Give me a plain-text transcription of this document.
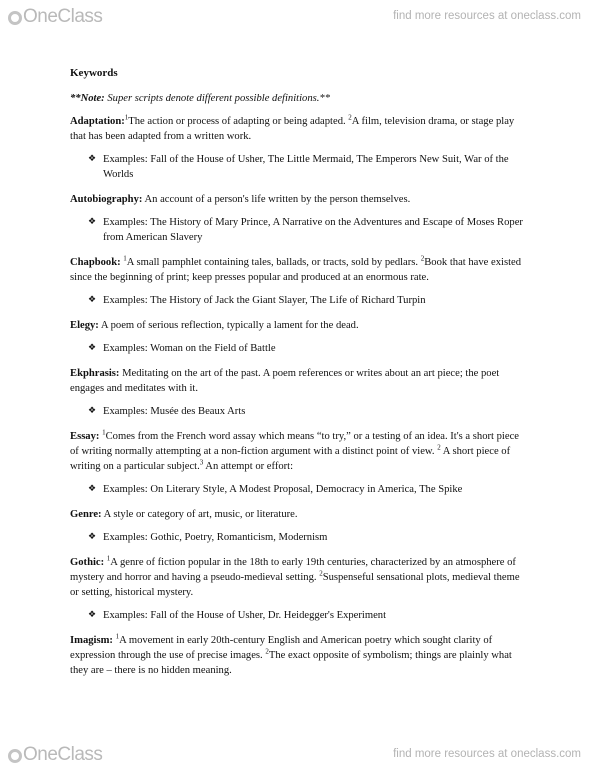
OneClass	find more resources at oneclass.com
Keywords
**Note: Super scripts denote different possible definitions.**
Adaptation:$^1$The action or process of adapting or being adapted. $^2$A film, television drama, or stage play that has been adapted from a written work.
❖ Examples: Fall of the House of Usher, The Little Mermaid, The Emperors New Suit, War of the Worlds
Autobiography: An account of a person's life written by the person themselves.
❖ Examples: The History of Mary Prince, A Narrative on the Adventures and Escape of Moses Roper from American Slavery
Chapbook: $^1$A small pamphlet containing tales, ballads, or tracts, sold by pedlars. $^2$Book that have existed since the beginning of print; keep presses popular and produced at an enormous rate.
❖ Examples: The History of Jack the Giant Slayer, The Life of Richard Turpin
Elegy: A poem of serious reflection, typically a lament for the dead.
❖ Examples: Woman on the Field of Battle
Ekphrasis: Meditating on the art of the past. A poem references or writes about an art piece; the poet engages and meditates with it.
❖ Examples: Musée des Beaux Arts
Essay: $^1$Comes from the French word assay which means “to try,” or a testing of an idea. It's a short piece of writing normally attempting at a non-fiction argument with a distinct point of view. $^2$ A short piece of writing on a particular subject.$^3$ An attempt or effort:
❖ Examples: On Literary Style, A Modest Proposal, Democracy in America, The Spike
Genre: A style or category of art, music, or literature.
❖ Examples: Gothic, Poetry, Romanticism, Modernism
Gothic: $^1$A genre of fiction popular in the 18th to early 19th centuries, characterized by an atmosphere of mystery and horror and having a pseudo-medieval setting. $^2$Suspenseful sensational plots, medieval theme or setting, historical mystery.
❖ Examples: Fall of the House of Usher, Dr. Heidegger's Experiment
Imagism: $^1$A movement in early 20th-century English and American poetry which sought clarity of expression through the use of precise images. $^2$The exact opposite of symbolism; things are plainly what they are – there is no hidden meaning.
OneClass	find more resources at oneclass.com
